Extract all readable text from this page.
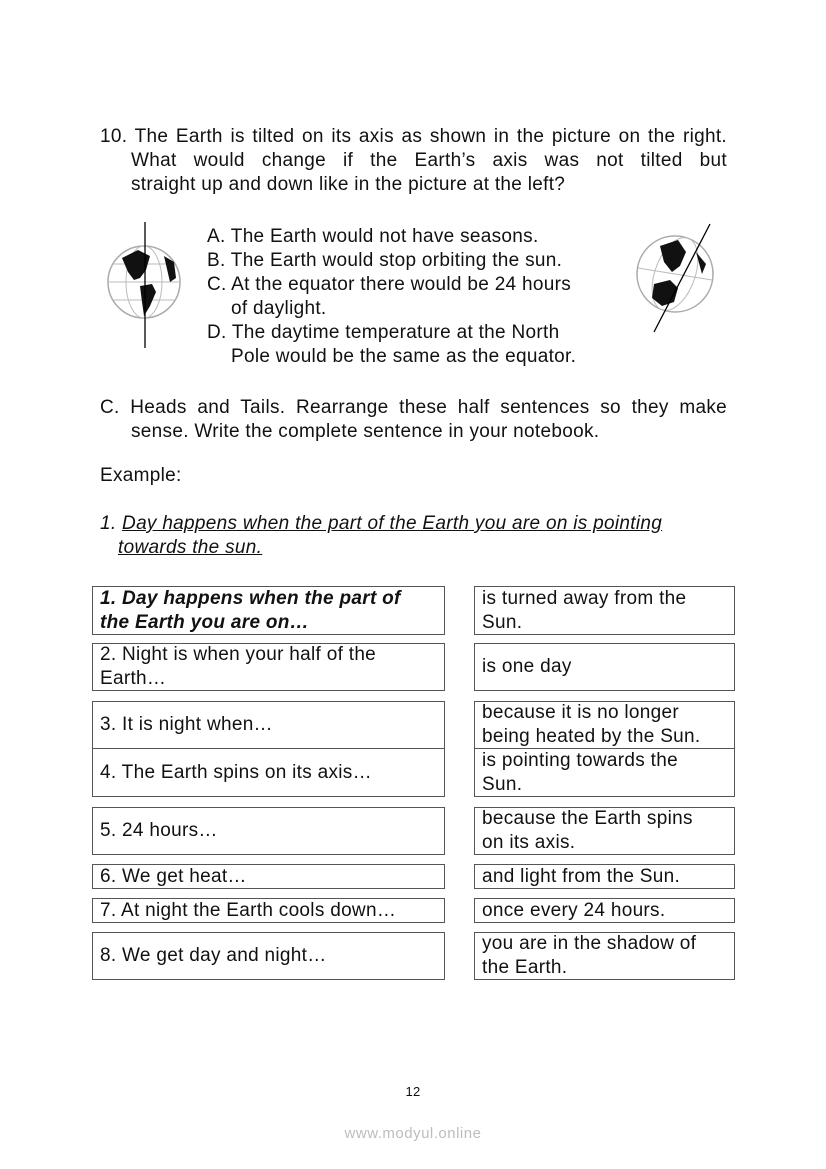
10. The Earth is tilted on its axis as shown in the picture on the right.
What would change if the Earth’s axis was not tilted but
straight up and down like in the picture at the left?
A. The Earth would not have seasons.
B. The Earth would stop orbiting the sun.
C. At the equator there would be 24 hours
of daylight.
D. The daytime temperature at the North
Pole would be the same as the equator.
C. Heads and Tails. Rearrange these half sentences so they make
sense. Write the complete sentence in your notebook.
Example:
1. Day happens when the part of the Earth you are on is pointing
towards the sun.
1. Day happens when the part of
the Earth you are on…
2. Night is when your half of the
Earth…
3. It is night when…
4. The Earth spins on its axis…
5. 24 hours…
6. We get heat…
7. At night the Earth cools down…
8. We get day and night…
is turned away from the
Sun.
is one day
because it is no longer
being heated by the Sun.
is pointing towards the
Sun.
because the Earth spins
on its axis.
and light from the Sun.
once every 24 hours.
you are in the shadow of
the Earth.
12
www.modyul.online
